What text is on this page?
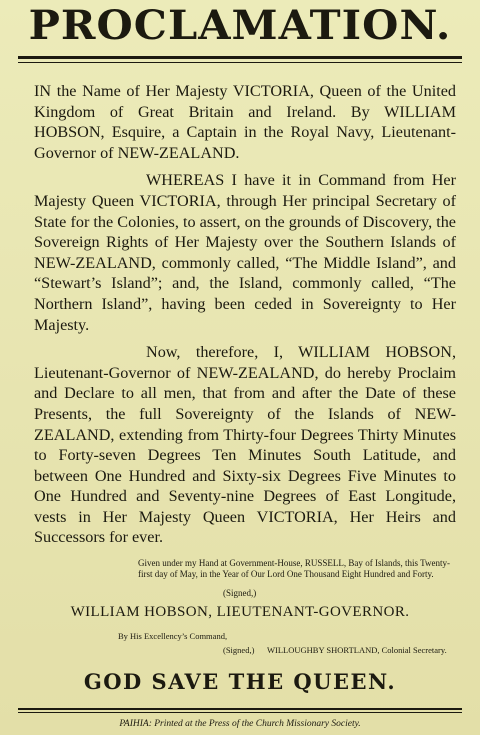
PROCLAMATION.

IN the Name of Her Majesty VICTORIA, Queen of the United Kingdom of Great Britain and Ireland. By WILLIAM HOBSON, Esquire, a Captain in the Royal Navy, Lieutenant-Governor of NEW-ZEALAND.

WHEREAS I have it in Command from Her Majesty Queen VICTORIA, through Her principal Secretary of State for the Colonies, to assert, on the grounds of Discovery, the Sovereign Rights of Her Majesty over the Southern Islands of NEW-ZEALAND, commonly called, “The Middle Island”, and “Stewart’s Island”; and, the Island, commonly called, “The Northern Island”, having been ceded in Sovereignty to Her Majesty.

Now, therefore, I, WILLIAM HOBSON, Lieutenant-Governor of NEW-ZEALAND, do hereby Proclaim and Declare to all men, that from and after the Date of these Presents, the full Sovereignty of the Islands of NEW-ZEALAND, extending from Thirty-four Degrees Thirty Minutes to Forty-seven Degrees Ten Minutes South Latitude, and between One Hundred and Sixty-six Degrees Five Minutes to One Hundred and Seventy-nine Degrees of East Longitude, vests in Her Majesty Queen VICTORIA, Her Heirs and Successors for ever.

Given under my Hand at Government-House, RUSSELL, Bay of Islands, this Twenty-first day of May, in the Year of Our Lord One Thousand Eight Hundred and Forty.
(Signed,)
WILLIAM HOBSON, LIEUTENANT-GOVERNOR.
By His Excellency’s Command,
(Signed,) WILLOUGHBY SHORTLAND, Colonial Secretary.
GOD SAVE THE QUEEN.
PAIHIA: Printed at the Press of the Church Missionary Society.
